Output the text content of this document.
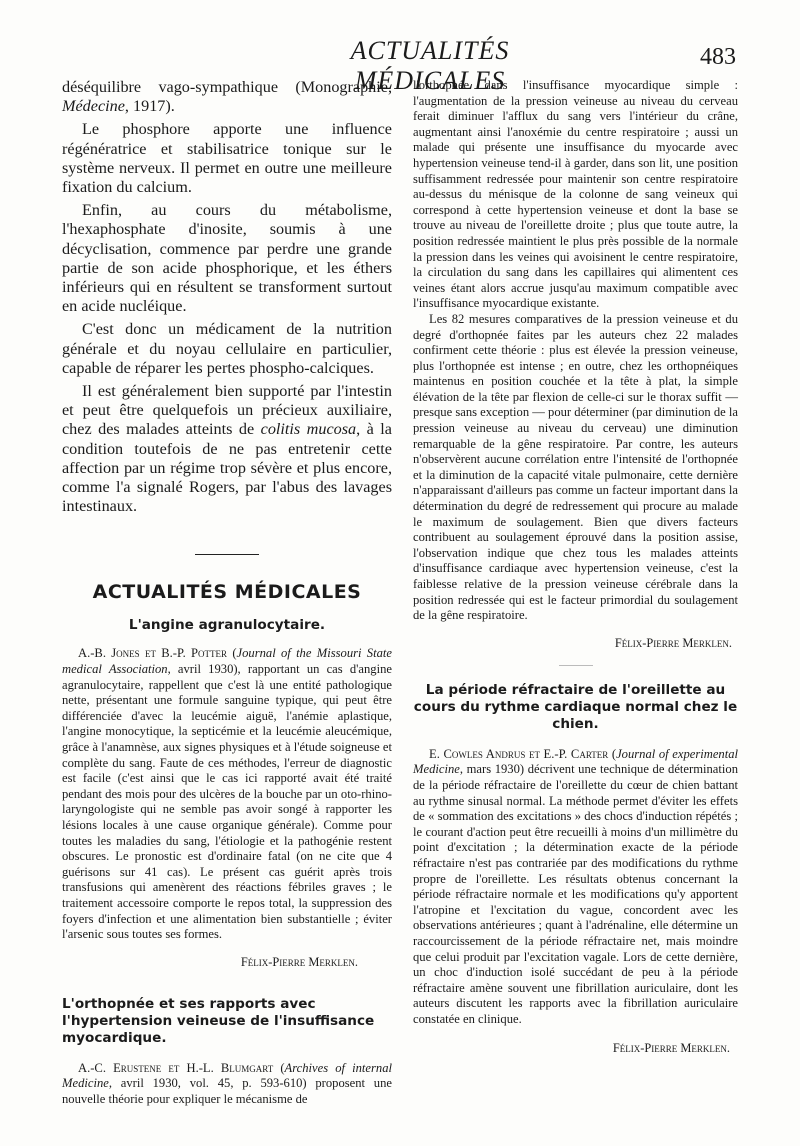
ACTUALITÉS MÉDICALES
483

déséquilibre vago-sympathique (Monographie, Médecine, 1917).

Le phosphore apporte une influence régénératrice et stabilisatrice tonique sur le système nerveux. Il permet en outre une meilleure fixation du calcium.

Enfin, au cours du métabolisme, l'hexaphosphate d'inosite, soumis à une décyclisation, commence par perdre une grande partie de son acide phosphorique, et les éthers inférieurs qui en résultent se transforment surtout en acide nucléique.

C'est donc un médicament de la nutrition générale et du noyau cellulaire en particulier, capable de réparer les pertes phospho-calciques.

Il est généralement bien supporté par l'intestin et peut être quelquefois un précieux auxiliaire, chez des malades atteints de colitis mucosa, à la condition toutefois de ne pas entretenir cette affection par un régime trop sévère et plus encore, comme l'a signalé Rogers, par l'abus des lavages intestinaux.

ACTUALITÉS MÉDICALES
L'angine agranulocytaire.

A.-B. Jones et B.-P. Potter (Journal of the Missouri State medical Association, avril 1930), rapportant un cas d'angine agranulocytaire, rappellent que c'est là une entité pathologique nette, présentant une formule sanguine typique, qui peut être différenciée d'avec la leucémie aiguë, l'anémie aplastique, l'angine monocytique, la septicémie et la leucémie aleucémique, grâce à l'anamnèse, aux signes physiques et à l'étude soigneuse et complète du sang. Faute de ces méthodes, l'erreur de diagnostic est facile (c'est ainsi que le cas ici rapporté avait été traité pendant des mois pour des ulcères de la bouche par un oto-rhino-laryngologiste qui ne semble pas avoir songé à rapporter les lésions locales à une cause organique générale). Comme pour toutes les maladies du sang, l'étiologie et la pathogénie restent obscures. Le pronostic est d'ordinaire fatal (on ne cite que 4 guérisons sur 41 cas). Le présent cas guérit après trois transfusions qui amenèrent des réactions fébriles graves ; le traitement accessoire comporte le repos total, la suppression des foyers d'infection et une alimentation bien substantielle ; éviter l'arsenic sous toutes ses formes.

Félix-Pierre Merklen.

L'orthopnée et ses rapports avec l'hypertension veineuse de l'insuffisance myocardique.

A.-C. Erustene et H.-L. Blumgart (Archives of internal Medicine, avril 1930, vol. 45, p. 593-610) proposent une nouvelle théorie pour expliquer le mécanisme de

l'orthopnée dans l'insuffisance myocardique simple : l'augmentation de la pression veineuse au niveau du cerveau ferait diminuer l'afflux du sang vers l'intérieur du crâne, augmentant ainsi l'anoxémie du centre respiratoire ; aussi un malade qui présente une insuffisance du myocarde avec hypertension veineuse tend-il à garder, dans son lit, une position suffisamment redressée pour maintenir son centre respiratoire au-dessus du ménisque de la colonne de sang veineux qui correspond à cette hypertension veineuse et dont la base se trouve au niveau de l'oreillette droite ; plus que toute autre, la position redressée maintient le plus près possible de la normale la pression dans les veines qui avoisinent le centre respiratoire, la circulation du sang dans les capillaires qui alimentent ces veines étant alors accrue jusqu'au maximum compatible avec l'insuffisance myocardique existante.

Les 82 mesures comparatives de la pression veineuse et du degré d'orthopnée faites par les auteurs chez 22 malades confirment cette théorie : plus est élevée la pression veineuse, plus l'orthopnée est intense ; en outre, chez les orthopnéiques maintenus en position couchée et la tête à plat, la simple élévation de la tête par flexion de celle-ci sur le thorax suffit — presque sans exception — pour déterminer (par diminution de la pression veineuse au niveau du cerveau) une diminution remarquable de la gêne respiratoire. Par contre, les auteurs n'observèrent aucune corrélation entre l'intensité de l'orthopnée et la diminution de la capacité vitale pulmonaire, cette dernière n'apparaissant d'ailleurs pas comme un facteur important dans la détermination du degré de redressement qui procure au malade le maximum de soulagement. Bien que divers facteurs contribuent au soulagement éprouvé dans la position assise, l'observation indique que chez tous les malades atteints d'insuffisance cardiaque avec hypertension veineuse, c'est la faiblesse relative de la pression veineuse cérébrale dans la position redressée qui est le facteur primordial du soulagement de la gêne respiratoire.

Félix-Pierre Merklen.

La période réfractaire de l'oreillette au cours du rythme cardiaque normal chez le chien.

E. Cowles Andrus et E.-P. Carter (Journal of experimental Medicine, mars 1930) décrivent une technique de détermination de la période réfractaire de l'oreillette du cœur de chien battant au rythme sinusal normal. La méthode permet d'éviter les effets de « sommation des excitations » des chocs d'induction répétés ; le courant d'action peut être recueilli à moins d'un millimètre du point d'excitation ; la détermination exacte de la période réfractaire n'est pas contrariée par des modifications du rythme propre de l'oreillette. Les résultats obtenus concernant la période réfractaire normale et les modifications qu'y apportent l'atropine et l'excitation du vague, concordent avec les observations antérieures ; quant à l'adrénaline, elle détermine un raccourcissement de la période réfractaire net, mais moindre que celui produit par l'excitation vagale. Lors de cette dernière, un choc d'induction isolé succédant de peu à la période réfractaire amène souvent une fibrillation auriculaire, dont les auteurs discutent les rapports avec la fibrillation auriculaire constatée en clinique.

Félix-Pierre Merklen.
